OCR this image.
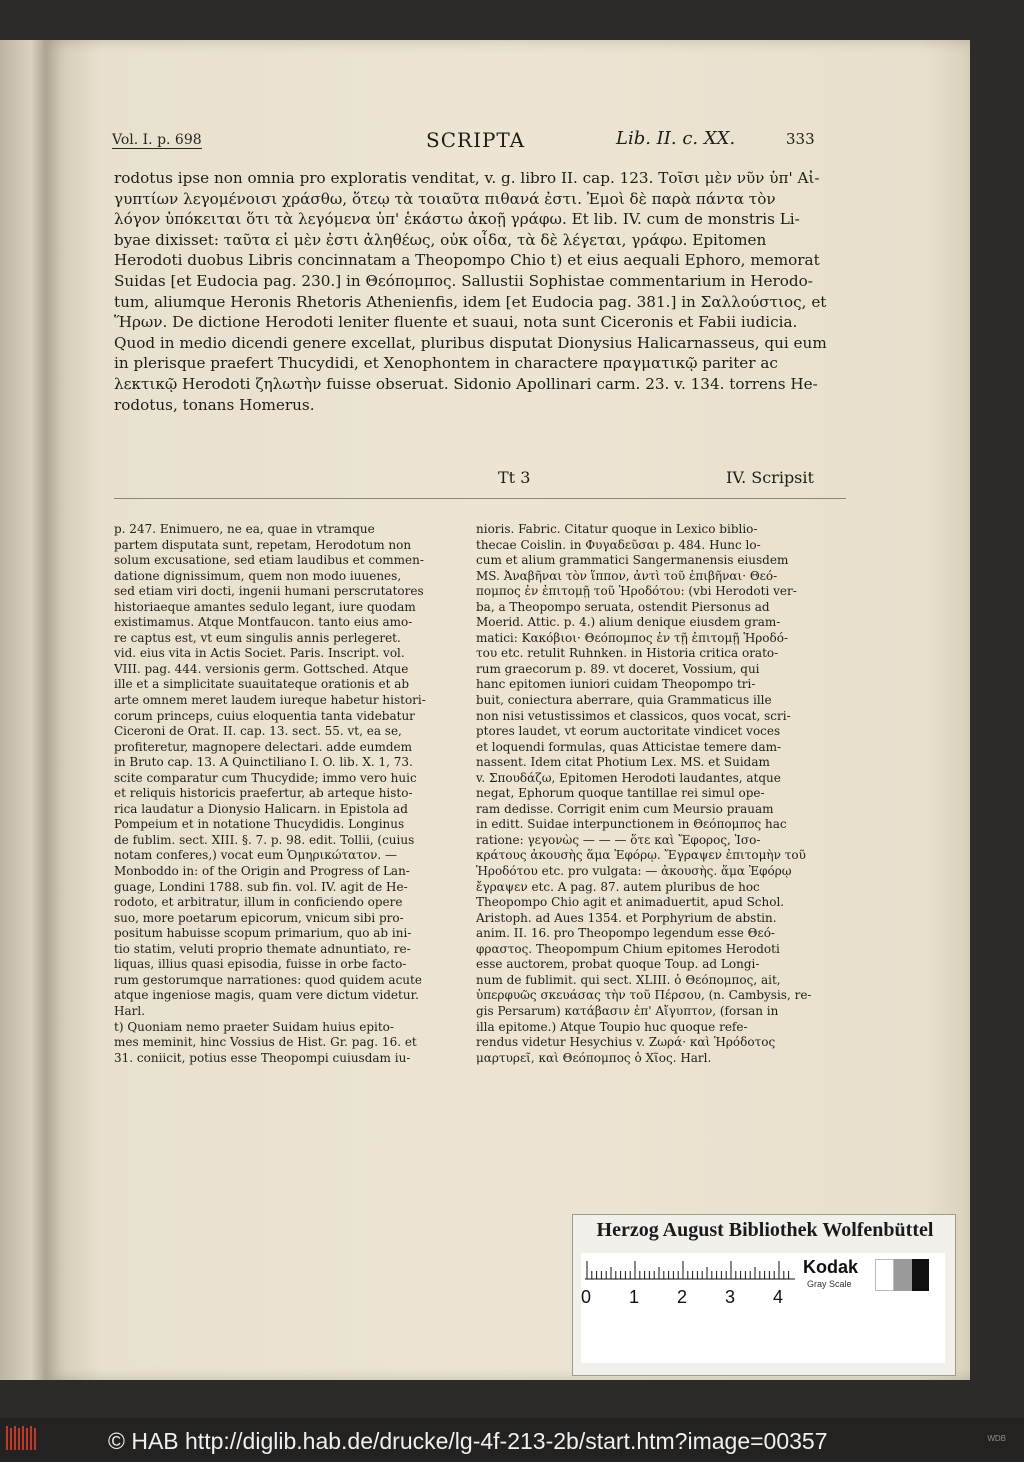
Vol. I. p. 698	SCRIPTA	Lib. II. c. XX.	333

rodotus ipse non omnia pro exploratis venditat, v. g. libro II. cap. 123. Τοῖσι μὲν νῦν ὑπ' Αἰ-

γυπτίων λεγομένοισι χράσθω, ὅτεῳ τὰ τοιαῦτα πιθανά ἐστι. Ἐμοὶ δὲ παρὰ πάντα τὸν

λόγον ὑπόκειται ὅτι τὰ λεγόμενα ὑπ' ἑκάστω ἀκοῇ γράφω. Et lib. IV. cum de monstris Li-

byae dixisset: ταῦτα εἰ μὲν ἐστι ἀληθέως, οὐκ οἶδα, τὰ δὲ λέγεται, γράφω. Epitomen

Herodoti duobus Libris concinnatam a Theopompo Chio t) et eius aequali Ephoro, memorat

Suidas [et Eudocia pag. 230.] in Θεόπομπος. Sallustii Sophistae commentarium in Herodo-

tum, aliumque Heronis Rhetoris Athenienfis, idem [et Eudocia pag. 381.] in Σαλλούστιος, et

Ἥρων. De dictione Herodoti leniter fluente et suaui, nota sunt Ciceronis et Fabii iudicia.

Quod in medio dicendi genere excellat, pluribus disputat Dionysius Halicarnasseus, qui eum

in plerisque praefert Thucydidi, et Xenophontem in charactere πραγματικῷ pariter ac

λεκτικῷ Herodoti ζηλωτὴν fuisse obseruat. Sidonio Apollinari carm. 23. v. 134. torrens He-

rodotus, tonans Homerus.

Tt 3	IV. Scripsit

p. 247. Enimuero, ne ea, quae in vtramque

partem disputata sunt, repetam, Herodotum non

solum excusatione, sed etiam laudibus et commen-

datione dignissimum, quem non modo iuuenes,

sed etiam viri docti, ingenii humani perscrutatores

historiaeque amantes sedulo legant, iure quodam

existimamus. Atque Montfaucon. tanto eius amo-

re captus est, vt eum singulis annis perlegeret.

vid. eius vita in Actis Societ. Paris. Inscript. vol.

VIII. pag. 444. versionis germ. Gottsched. Atque

ille et a simplicitate suauitateque orationis et ab

arte omnem meret laudem iureque habetur histori-

corum princeps, cuius eloquentia tanta videbatur

Ciceroni de Orat. II. cap. 13. sect. 55. vt, ea se,

profiteretur, magnopere delectari. adde eumdem

in Bruto cap. 13. A Quinctiliano I. O. lib. X. 1, 73.

scite comparatur cum Thucydide; immo vero huic

et reliquis historicis praefertur, ab arteque histo-

rica laudatur a Dionysio Halicarn. in Epistola ad

Pompeium et in notatione Thucydidis. Longinus

de fublim. sect. XIII. §. 7. p. 98. edit. Tollii, (cuius

notam conferes,) vocat eum Ὁμηρικώτατον. —

Monboddo in: of the Origin and Progress of Lan-

guage, Londini 1788. sub fin. vol. IV. agit de He-

rodoto, et arbitratur, illum in conficiendo opere

suo, more poetarum epicorum, vnicum sibi pro-

positum habuisse scopum primarium, quo ab ini-

tio statim, veluti proprio themate adnuntiato, re-

liquas, illius quasi episodia, fuisse in orbe facto-

rum gestorumque narrationes: quod quidem acute

atque ingeniose magis, quam vere dictum videtur.

Harl.

t) Quoniam nemo praeter Suidam huius epito-

mes meminit, hinc Vossius de Hist. Gr. pag. 16. et

31. coniicit, potius esse Theopompi cuiusdam iu-

nioris. Fabric. Citatur quoque in Lexico biblio-

thecae Coislin. in Φυγαδεῦσαι p. 484. Hunc lo-

cum et alium grammatici Sangermanensis eiusdem

MS. Ἀναβῆναι τὸν ἵππον, ἀντὶ τοῦ ἐπιβῆναι· Θεό-

πομπος ἐν ἐπιτομῇ τοῦ Ἡροδότου: (vbi Herodoti ver-

ba, a Theopompo seruata, ostendit Piersonus ad

Moerid. Attic. p. 4.) alium denique eiusdem gram-

matici: Κακόβιοι· Θεόπομπος ἐν τῇ ἐπιτομῇ Ἡροδό-

του etc. retulit Ruhnken. in Historia critica orato-

rum graecorum p. 89. vt doceret, Vossium, qui

hanc epitomen iuniori cuidam Theopompo tri-

buit, coniectura aberrare, quia Grammaticus ille

non nisi vetustissimos et classicos, quos vocat, scri-

ptores laudet, vt eorum auctoritate vindicet voces

et loquendi formulas, quas Atticistae temere dam-

nassent. Idem citat Photium Lex. MS. et Suidam

v. Σπουδάζω, Epitomen Herodoti laudantes, atque

negat, Ephorum quoque tantillae rei simul ope-

ram dedisse. Corrigit enim cum Meursio prauam

in editt. Suidae interpunctionem in Θεόπομπος hac

ratione: γεγονὼς — — — ὅτε καὶ Ἔφορος, Ἰσο-

κράτους ἀκουσὴς ἅμα Ἐφόρῳ. Ἔγραψεν ἐπιτομὴν τοῦ

Ἡροδότου etc. pro vulgata: — ἀκουσὴς. ἅμα Ἐφόρῳ

ἔγραψεν etc. A pag. 87. autem pluribus de hoc

Theopompo Chio agit et animaduertit, apud Schol.

Aristoph. ad Aues 1354. et Porphyrium de abstin.

anim. II. 16. pro Theopompo legendum esse Θεό-

φραστος. Theopompum Chium epitomes Herodoti

esse auctorem, probat quoque Toup. ad Longi-

num de fublimit. qui sect. XLIII. ὁ Θεόπομπος, ait,

ὑπερφυῶς σκευάσας τὴν τοῦ Πέρσου, (n. Cambysis, re-

gis Persarum) κατάβασιν ἐπ' Αἴγυπτον, (forsan in

illa epitome.) Atque Toupio huc quoque refe-

rendus videtur Hesychius v. Ζωρά· καὶ Ἡρόδοτος

μαρτυρεῖ, καὶ Θεόπομπος ὁ Χῖος. Harl.

Herzog August Bibliothek Wolfenbüttel
0 1 2 3 4
Kodak
Gray Scale
© HAB http://diglib.hab.de/drucke/lg-4f-213-2b/start.htm?image=00357	WDB
